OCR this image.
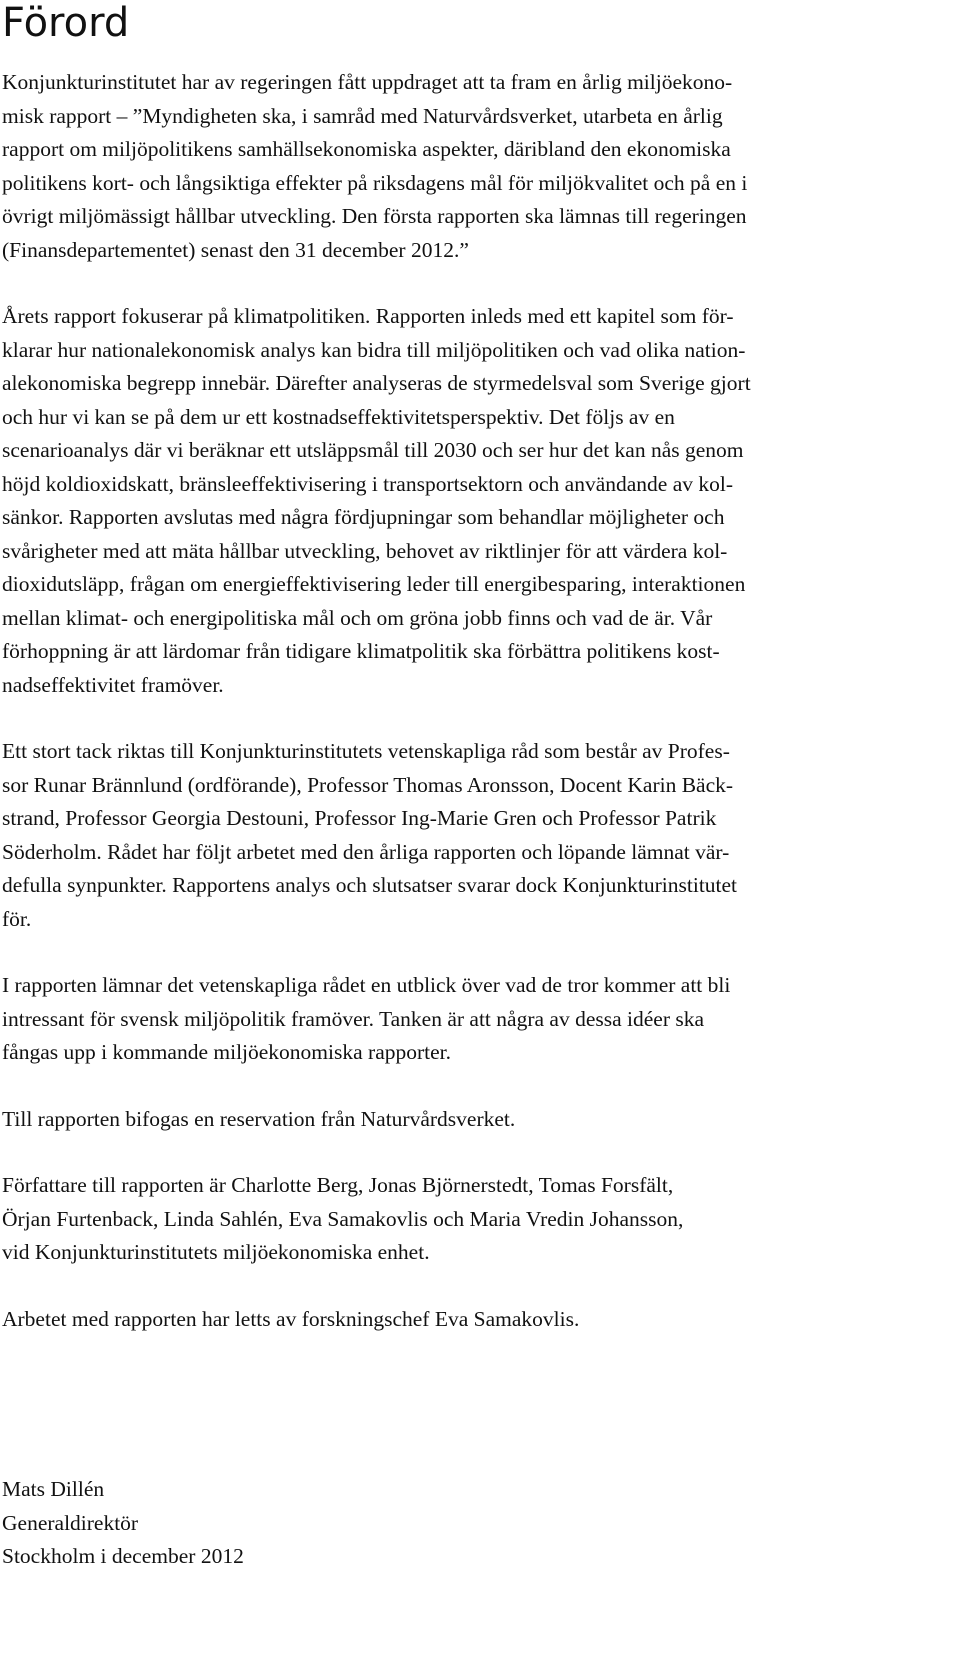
Förord

Konjunkturinstitutet har av regeringen fått uppdraget att ta fram en årlig miljöekono-
misk rapport – ”Myndigheten ska, i samråd med Naturvårdsverket, utarbeta en årlig
rapport om miljöpolitikens samhällsekonomiska aspekter, däribland den ekonomiska
politikens kort- och långsiktiga effekter på riksdagens mål för miljökvalitet och på en i
övrigt miljömässigt hållbar utveckling. Den första rapporten ska lämnas till regeringen
(Finansdepartementet) senast den 31 december 2012.”

Årets rapport fokuserar på klimatpolitiken. Rapporten inleds med ett kapitel som för-
klarar hur nationalekonomisk analys kan bidra till miljöpolitiken och vad olika nation-
alekonomiska begrepp innebär. Därefter analyseras de styrmedelsval som Sverige gjort
och hur vi kan se på dem ur ett kostnadseffektivitetsperspektiv. Det följs av en
scenarioanalys där vi beräknar ett utsläppsmål till 2030 och ser hur det kan nås genom
höjd koldioxidskatt, bränsleeffektivisering i transportsektorn och användande av kol-
sänkor. Rapporten avslutas med några fördjupningar som behandlar möjligheter och
svårigheter med att mäta hållbar utveckling, behovet av riktlinjer för att värdera kol-
dioxidutsläpp, frågan om energieffektivisering leder till energibesparing, interaktionen
mellan klimat- och energipolitiska mål och om gröna jobb finns och vad de är. Vår
förhoppning är att lärdomar från tidigare klimatpolitik ska förbättra politikens kost-
nadseffektivitet framöver.

Ett stort tack riktas till Konjunkturinstitutets vetenskapliga råd som består av Profes-
sor Runar Brännlund (ordförande), Professor Thomas Aronsson, Docent Karin Bäck-
strand, Professor Georgia Destouni, Professor Ing-Marie Gren och Professor Patrik
Söderholm. Rådet har följt arbetet med den årliga rapporten och löpande lämnat vär-
defulla synpunkter. Rapportens analys och slutsatser svarar dock Konjunkturinstitutet
för.

I rapporten lämnar det vetenskapliga rådet en utblick över vad de tror kommer att bli
intressant för svensk miljöpolitik framöver. Tanken är att några av dessa idéer ska
fångas upp i kommande miljöekonomiska rapporter.

Till rapporten bifogas en reservation från Naturvårdsverket.

Författare till rapporten är Charlotte Berg, Jonas Björnerstedt, Tomas Forsfält,
Örjan Furtenback, Linda Sahlén, Eva Samakovlis och Maria Vredin Johansson,
vid Konjunkturinstitutets miljöekonomiska enhet.

Arbetet med rapporten har letts av forskningschef Eva Samakovlis.

Mats Dillén
Generaldirektör
Stockholm i december 2012
